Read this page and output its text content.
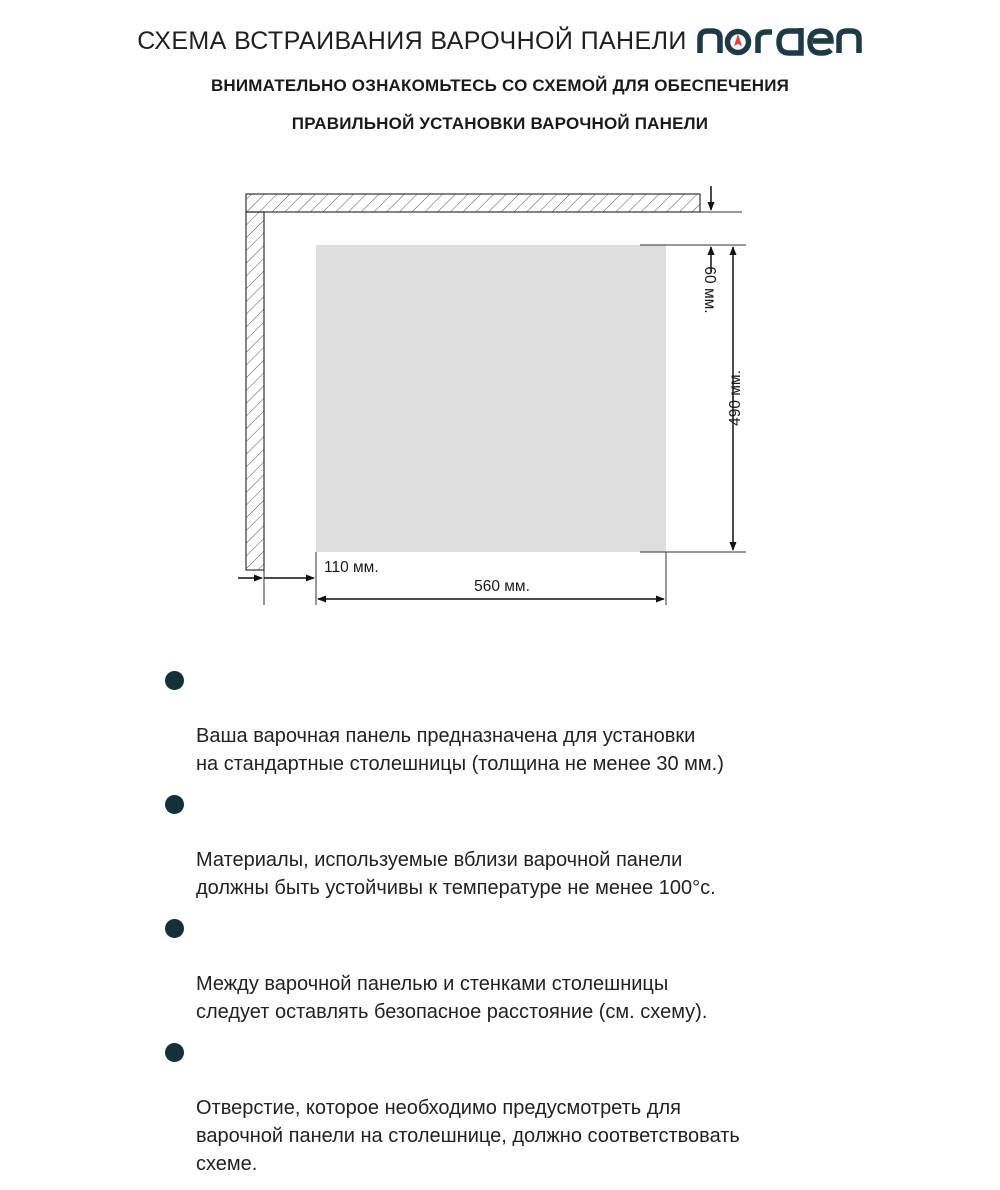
СХЕМА ВСТРАИВАНИЯ ВАРОЧНОЙ ПАНЕЛИ
ВНИМАТЕЛЬНО ОЗНАКОМЬТЕСЬ СО СХЕМОЙ ДЛЯ ОБЕСПЕЧЕНИЯ
ПРАВИЛЬНОЙ УСТАНОВКИ ВАРОЧНОЙ ПАНЕЛИ
60 мм.
490 мм.
110 мм.
560 мм.

Ваша варочная панель предназначена для установки
на стандартные столешницы (толщина не менее 30 мм.)

Материалы, используемые вблизи варочной панели
должны быть устойчивы к температуре не менее 100°с.

Между варочной панелью и стенками столешницы
следует оставлять безопасное расстояние (см. схему).

Отверстие, которое необходимо предусмотреть для
варочной панели на столешнице, должно соответствовать
схеме.
